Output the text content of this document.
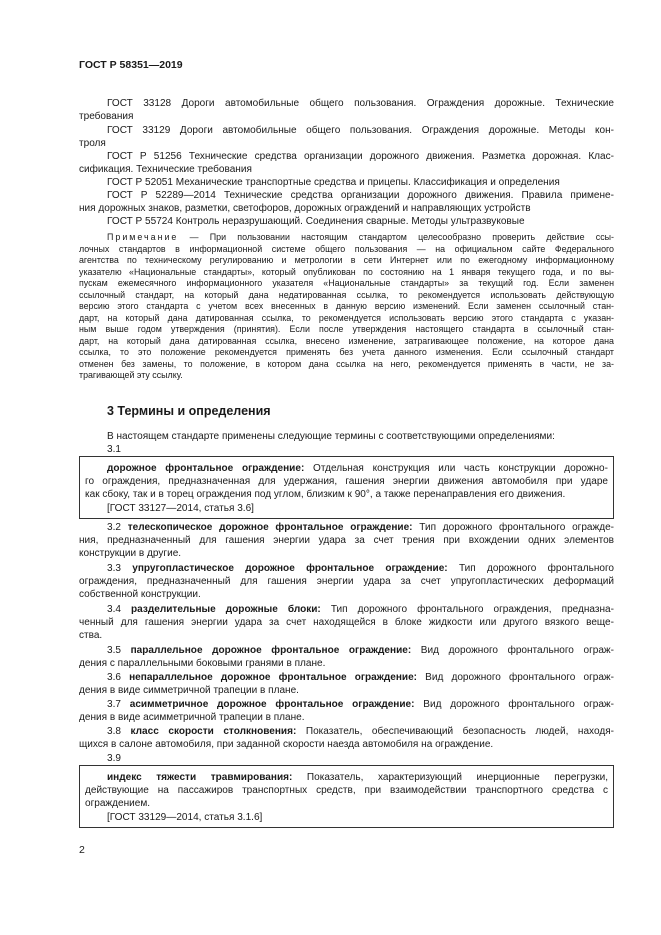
ГОСТ Р 58351—2019
ГОСТ 33128 Дороги автомобильные общего пользования. Ограждения дорожные. Технические
требования
ГОСТ 33129 Дороги автомобильные общего пользования. Ограждения дорожные. Методы кон-
троля
ГОСТ Р 51256 Технические средства организации дорожного движения. Разметка дорожная. Клас-
сификация. Технические требования
ГОСТ Р 52051 Механические транспортные средства и прицепы. Классификация и определения
ГОСТ Р 52289—2014 Технические средства организации дорожного движения. Правила примене-
ния дорожных знаков, разметки, светофоров, дорожных ограждений и направляющих устройств
ГОСТ Р 55724 Контроль неразрушающий. Соединения сварные. Методы ультразвуковые
Примечание — При пользовании настоящим стандартом целесообразно проверить действие ссы-
лочных стандартов в информационной системе общего пользования — на официальном сайте Федерального
агентства по техническому регулированию и метрологии в сети Интернет или по ежегодному информационному
указателю «Национальные стандарты», который опубликован по состоянию на 1 января текущего года, и по вы-
пускам ежемесячного информационного указателя «Национальные стандарты» за текущий год. Если заменен
ссылочный стандарт, на который дана недатированная ссылка, то рекомендуется использовать действующую
версию этого стандарта с учетом всех внесенных в данную версию изменений. Если заменен ссылочный стан-
дарт, на который дана датированная ссылка, то рекомендуется использовать версию этого стандарта с указан-
ным выше годом утверждения (принятия). Если после утверждения настоящего стандарта в ссылочный стан-
дарт, на который дана датированная ссылка, внесено изменение, затрагивающее положение, на которое дана
ссылка, то это положение рекомендуется применять без учета данного изменения. Если ссылочный стандарт
отменен без замены, то положение, в котором дана ссылка на него, рекомендуется применять в части, не за-
трагивающей эту ссылку.
3 Термины и определения
В настоящем стандарте применены следующие термины с соответствующими определениями:
3.1
дорожное фронтальное ограждение: Отдельная конструкция или часть конструкции дорожно-
го ограждения, предназначенная для удержания, гашения энергии движения автомобиля при ударе
как сбоку, так и в торец ограждения под углом, близким к 90°, а также перенаправления его движения.
[ГОСТ 33127—2014, статья 3.6]
3.2 телескопическое дорожное фронтальное ограждение: Тип дорожного фронтального огражде-
ния, предназначенный для гашения энергии удара за счет трения при вхождении одних элементов
конструкции в другие.
3.3 упругопластическое дорожное фронтальное ограждение: Тип дорожного фронтального
ограждения, предназначенный для гашения энергии удара за счет упругопластических деформаций
собственной конструкции.
3.4 разделительные дорожные блоки: Тип дорожного фронтального ограждения, предназна-
ченный для гашения энергии удара за счет находящейся в блоке жидкости или другого вязкого веще-
ства.
3.5 параллельное дорожное фронтальное ограждение: Вид дорожного фронтального ограж-
дения с параллельными боковыми гранями в плане.
3.6 непараллельное дорожное фронтальное ограждение: Вид дорожного фронтального ограж-
дения в виде симметричной трапеции в плане.
3.7 асимметричное дорожное фронтальное ограждение: Вид дорожного фронтального ограж-
дения в виде асимметричной трапеции в плане.
3.8 класс скорости столкновения: Показатель, обеспечивающий безопасность людей, находя-
щихся в салоне автомобиля, при заданной скорости наезда автомобиля на ограждение.
3.9
индекс тяжести травмирования: Показатель, характеризующий инерционные перегрузки,
действующие на пассажиров транспортных средств, при взаимодействии транспортного средства с
ограждением.
[ГОСТ 33129—2014, статья 3.1.6]
2
